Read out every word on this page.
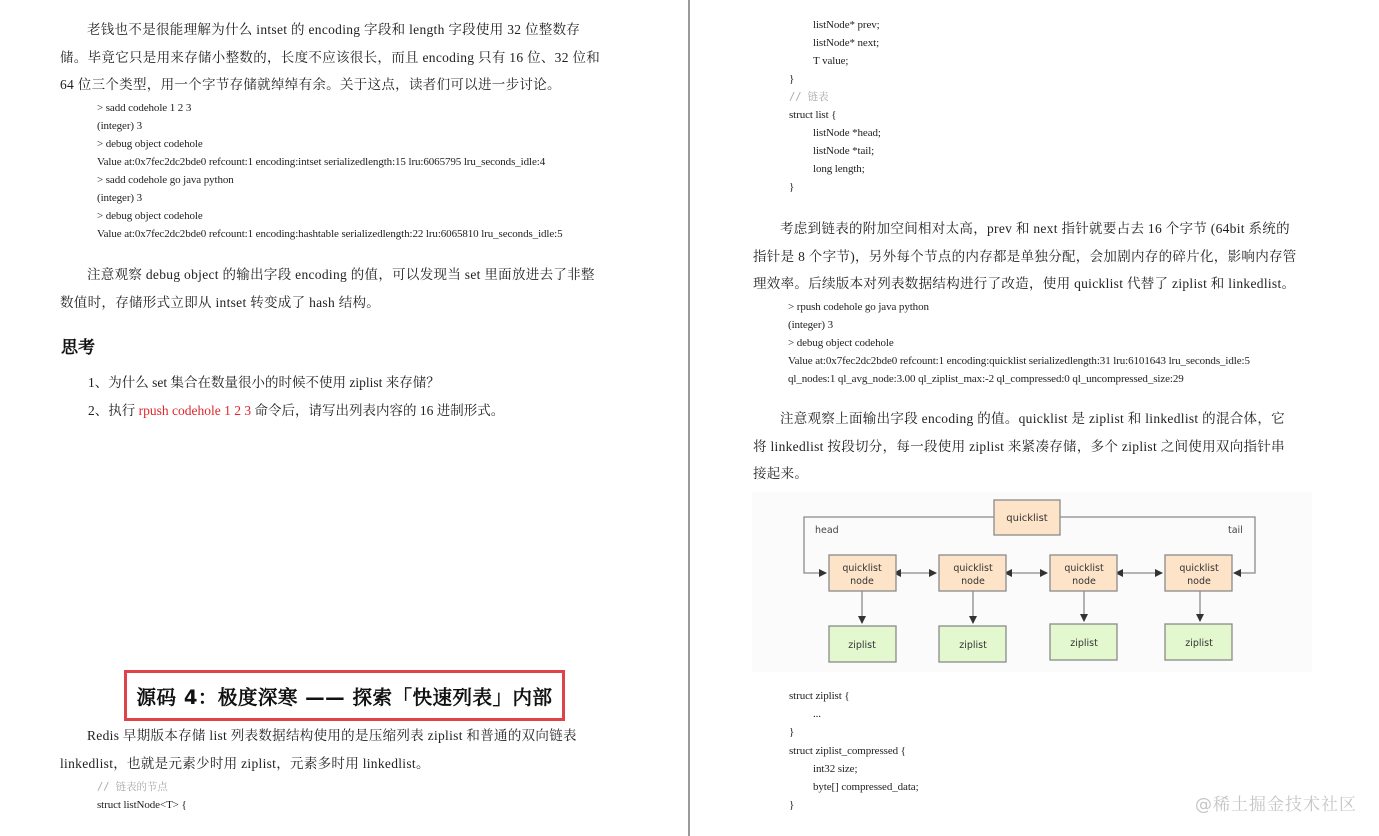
老钱也不是很能理解为什么 intset 的 encoding 字段和 length 字段使用 32 位整数存
储。毕竟它只是用来存储小整数的，长度不应该很长，而且 encoding 只有 16 位、32 位和
64 位三个类型，用一个字节存储就绰绰有余。关于这点，读者们可以进一步讨论。
> sadd codehole 1 2 3
(integer) 3
> debug object codehole
Value at:0x7fec2dc2bde0 refcount:1 encoding:intset serializedlength:15 lru:6065795 lru_seconds_idle:4
> sadd codehole go java python
(integer) 3
> debug object codehole
Value at:0x7fec2dc2bde0 refcount:1 encoding:hashtable serializedlength:22 lru:6065810 lru_seconds_idle:5
注意观察 debug object 的输出字段 encoding 的值，可以发现当 set 里面放进去了非整
数值时，存储形式立即从 intset 转变成了 hash 结构。
思考
1、为什么 set 集合在数量很小的时候不使用 ziplist 来存储？
2、执行 rpush codehole 1 2 3 命令后，请写出列表内容的 16 进制形式。
源码 4：极度深寒 —— 探索「快速列表」内部
Redis 早期版本存储 list 列表数据结构使用的是压缩列表 ziplist 和普通的双向链表
linkedlist，也就是元素少时用 ziplist，元素多时用 linkedlist。
// 链表的节点
struct listNode<T> {
listNode* prev;
listNode* next;
T value;
}
// 链表
struct list {
listNode *head;
listNode *tail;
long length;
}
考虑到链表的附加空间相对太高，prev 和 next 指针就要占去 16 个字节 (64bit 系统的
指针是 8 个字节)，另外每个节点的内存都是单独分配，会加剧内存的碎片化，影响内存管
理效率。后续版本对列表数据结构进行了改造，使用 quicklist 代替了 ziplist 和 linkedlist。
> rpush codehole go java python
(integer) 3
> debug object codehole
Value at:0x7fec2dc2bde0 refcount:1 encoding:quicklist serializedlength:31 lru:6101643 lru_seconds_idle:5
ql_nodes:1 ql_avg_node:3.00 ql_ziplist_max:-2 ql_compressed:0 ql_uncompressed_size:29
注意观察上面输出字段 encoding 的值。quicklist 是 ziplist 和 linkedlist 的混合体，它
将 linkedlist 按段切分，每一段使用 ziplist 来紧凑存储，多个 ziplist 之间使用双向指针串
接起来。
quicklist
head	tail
quicklist
node
quicklist
node
quicklist
node
quicklist
node
ziplist	ziplist	ziplist	ziplist
struct ziplist {
...
}
struct ziplist_compressed {
int32 size;
byte[] compressed_data;
}	@稀土掘金技术社区
